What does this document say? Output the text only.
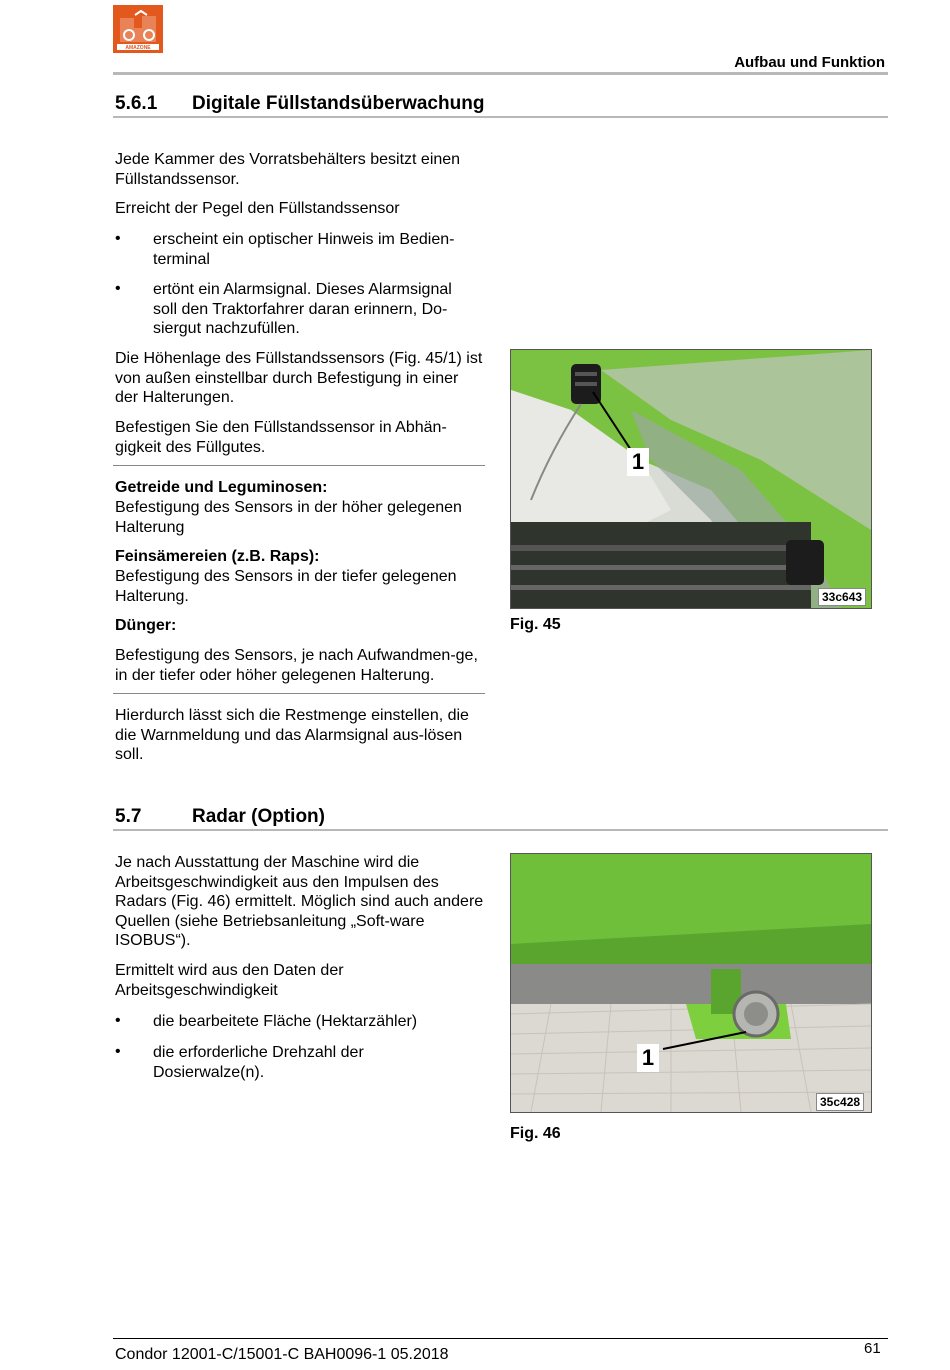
AMAZONE
Aufbau und Funktion
5.6.1 Digitale Füllstandsüberwachung
Jede Kammer des Vorratsbehälters besitzt einen Füllstandssensor.
Erreicht der Pegel den Füllstandssensor
• erscheint ein optischer Hinweis im Bedien-terminal
• ertönt ein Alarmsignal. Dieses Alarmsignal soll den Traktorfahrer daran erinnern, Do-siergut nachzufüllen.
Die Höhenlage des Füllstandssensors (Fig. 45/1) ist von außen einstellbar durch Befestigung in einer der Halterungen.
Befestigen Sie den Füllstandssensor in Abhän-gigkeit des Füllgutes.
Getreide und Leguminosen:
Befestigung des Sensors in der höher gelegenen Halterung
Feinsämereien (z.B. Raps):
Befestigung des Sensors in der tiefer gelegenen Halterung.
Dünger:
Befestigung des Sensors, je nach Aufwandmen-ge, in der tiefer oder höher gelegenen Halterung.
Hierdurch lässt sich die Restmenge einstellen, die die Warnmeldung und das Alarmsignal aus-lösen soll.
1
33c643
Fig. 45
5.7	Radar (Option)
Je nach Ausstattung der Maschine wird die Arbeitsgeschwindigkeit aus den Impulsen des Radars (Fig. 46) ermittelt. Möglich sind auch andere Quellen (siehe Betriebsanleitung „Soft-ware ISOBUS“).
Ermittelt wird aus den Daten der Arbeitsgeschwindigkeit
• die bearbeitete Fläche (Hektarzähler)
• die erforderliche Drehzahl der Dosierwalze(n).
1
35c428
Fig. 46
Condor 12001-C/15001-C BAH0096-1 05.2018	61
